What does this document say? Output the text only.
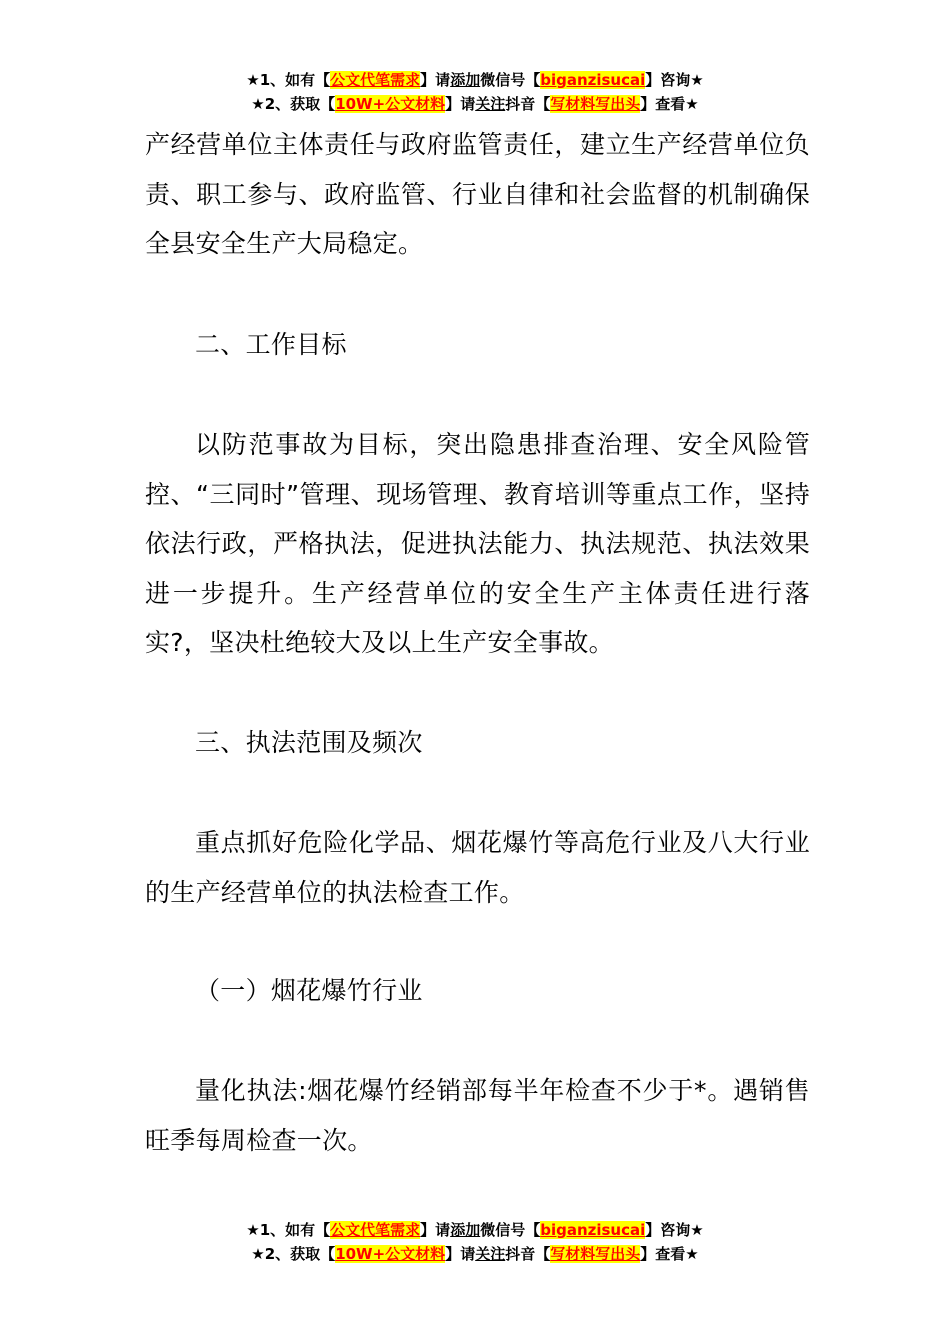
★1、如有【公文代笔需求】请添加微信号【biganzisucai】咨询★
★2、获取【10W+公文材料】请关注抖音【写材料写出头】查看★

产经营单位主体责任与政府监管责任，建立生产经营单位负责、职工参与、政府监管、行业自律和社会监督的机制确保全县安全生产大局稳定。

二、工作目标

以防范事故为目标，突出隐患排查治理、安全风险管控、“三同时”管理、现场管理、教育培训等重点工作，坚持依法行政，严格执法，促进执法能力、执法规范、执法效果进一步提升。生产经营单位的安全生产主体责任进行落实?，坚决杜绝较大及以上生产安全事故。

三、执法范围及频次

重点抓好危险化学品、烟花爆竹等高危行业及八大行业的生产经营单位的执法检查工作。

（一）烟花爆竹行业

量化执法:烟花爆竹经销部每半年检查不少于*。遇销售旺季每周检查一次。

★1、如有【公文代笔需求】请添加微信号【biganzisucai】咨询★
★2、获取【10W+公文材料】请关注抖音【写材料写出头】查看★
